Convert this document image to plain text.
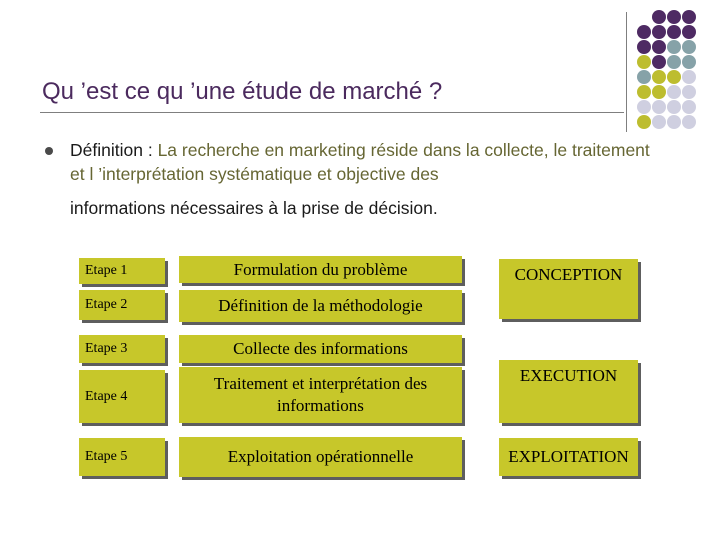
Qu ’est ce qu ’une étude de marché ?
Définition : La recherche en marketing réside dans la collecte, le traitement et l ’interprétation systématique et objective des
informations nécessaires à la prise de décision.
Etape 1
Etape 2
Etape 3
Etape 4
Etape 5
Formulation du problème
Définition de la méthodologie
Collecte des informations
Traitement et interprétation des informations
Exploitation opérationnelle
CONCEPTION
EXECUTION
EXPLOITATION
